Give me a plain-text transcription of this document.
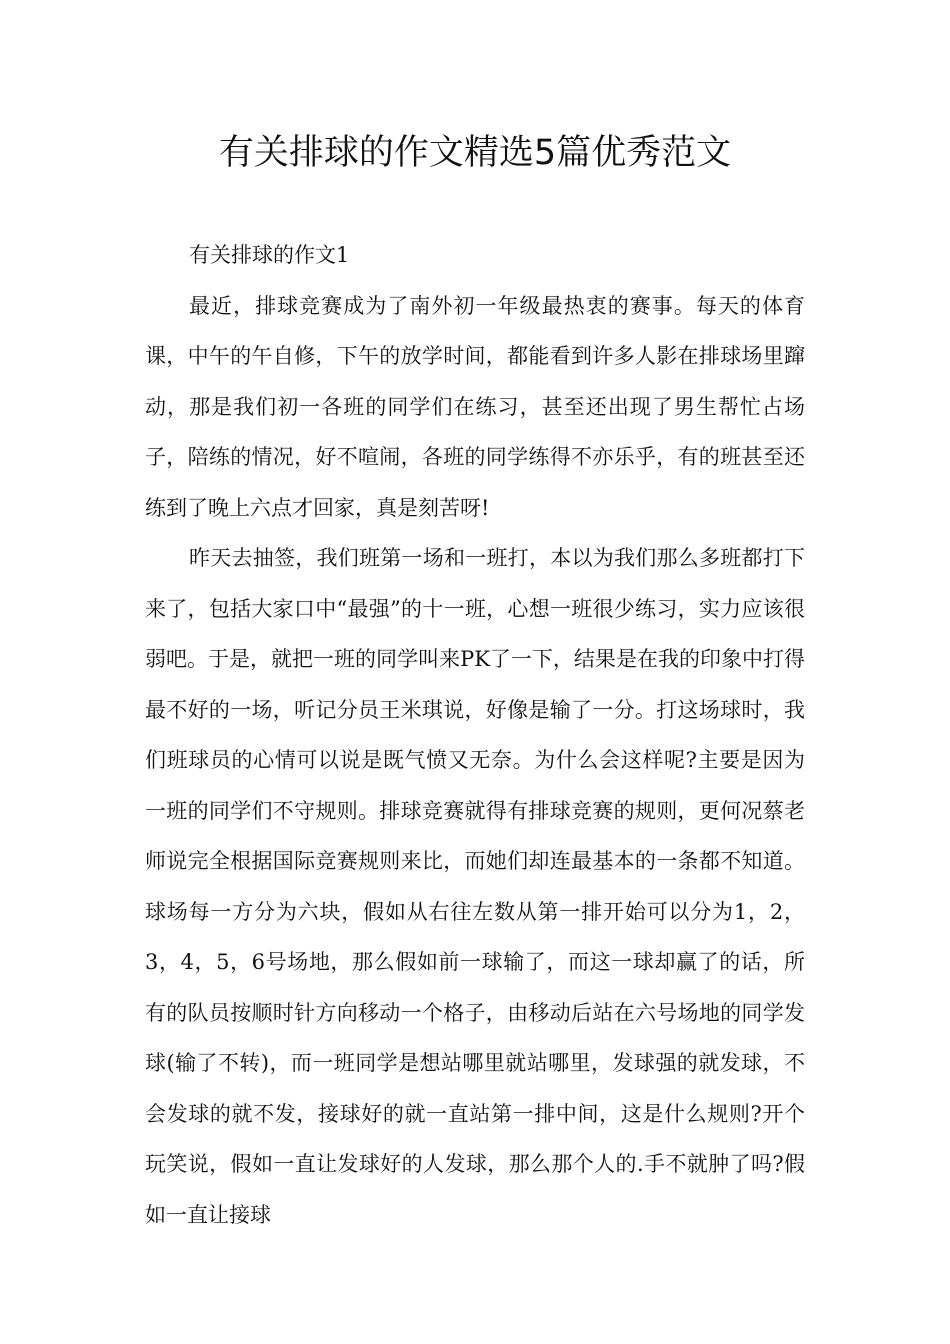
有关排球的作文精选5篇优秀范文

有关排球的作文1

最近，排球竞赛成为了南外初一年级最热衷的赛事。每天的体育课，中午的午自修，下午的放学时间，都能看到许多人影在排球场里蹿动，那是我们初一各班的同学们在练习，甚至还出现了男生帮忙占场子，陪练的情况，好不喧闹，各班的同学练得不亦乐乎，有的班甚至还练到了晚上六点才回家，真是刻苦呀!

昨天去抽签，我们班第一场和一班打，本以为我们那么多班都打下来了，包括大家口中“最强”的十一班，心想一班很少练习，实力应该很弱吧。于是，就把一班的同学叫来PK了一下，结果是在我的印象中打得最不好的一场，听记分员王米琪说，好像是输了一分。打这场球时，我们班球员的心情可以说是既气愤又无奈。为什么会这样呢?主要是因为一班的同学们不守规则。排球竞赛就得有排球竞赛的规则，更何况蔡老师说完全根据国际竞赛规则来比，而她们却连最基本的一条都不知道。球场每一方分为六块，假如从右往左数从第一排开始可以分为1，2，3，4，5，6号场地，那么假如前一球输了，而这一球却赢了的话，所有的队员按顺时针方向移动一个格子，由移动后站在六号场地的同学发球(输了不转)，而一班同学是想站哪里就站哪里，发球强的就发球，不会发球的就不发，接球好的就一直站第一排中间，这是什么规则?开个玩笑说，假如一直让发球好的人发球，那么那个人的.手不就肿了吗?假如一直让接球
